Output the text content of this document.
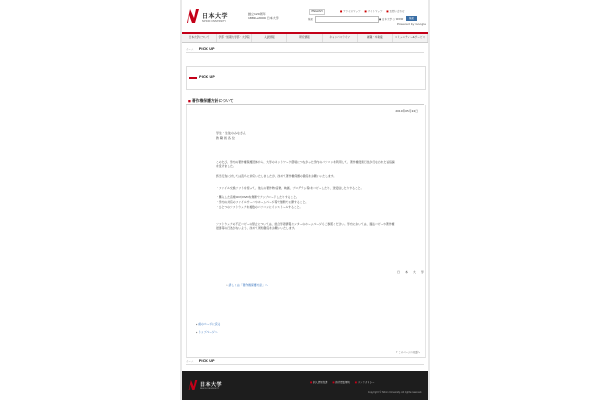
日本大学
NIHON UNIVERSITY
創立120周年
1889→2009 日本大学
ENGLISH	■ アクセスマップ	■ サイトマップ	■ お問い合わせ
検索	● 日本大学 ○ WWW	検索
Powered by Google
日本大学について	学部・短期大学部・大学院	入試情報	研究情報	キャンパスライフ	就職・卒業後	コミュニティー&サービス
ホーム PICK UP
PICK UP
■ 著作権保護方針について
2010年05月24日
学生・生徒のみなさん
教 職 員 各 位
このたび、学内の著作権保護団体から、大学のネットワーク環境につながった学内のパソコンを利用して、著作権侵害行為が行なわれた旨指摘を受けました。
該当行為に対しては直ちに対応いたしましたが、改めて著作権保護の徹底をお願いいたします。
・ファイル交換ソフトを使って、他人の著作物(音楽、映画、プログラム等)をコピーしたり、送受信したりすること。
・購入した音楽CDやDVDを無断でアップロードしたりすること。
・学内の共有のファイルサーバやホームページ等で無断で公開すること。
・ひとつのソフトウェアを複数のパソコンにインストールすること。
ソフトウェアの不正コピーの禁止については、総合学術情報センターのホームページもご参照ください。学内においては、違法コピーや著作権侵害等の行為がないよう、改めて周知徹底をお願いいたします。
日 本 大 学
» 詳しくは「著作権保護方針」へ
▶ 前のページに戻る
▶ トップページへ
↑ このページの先頭へ
ホーム PICK UP
日本大学
NIHON UNIVERSITY
■ 個人情報保護	■ 推奨閲覧環境	■ リンクポリシー
Copyright © Nihon University. All rights reserved.
